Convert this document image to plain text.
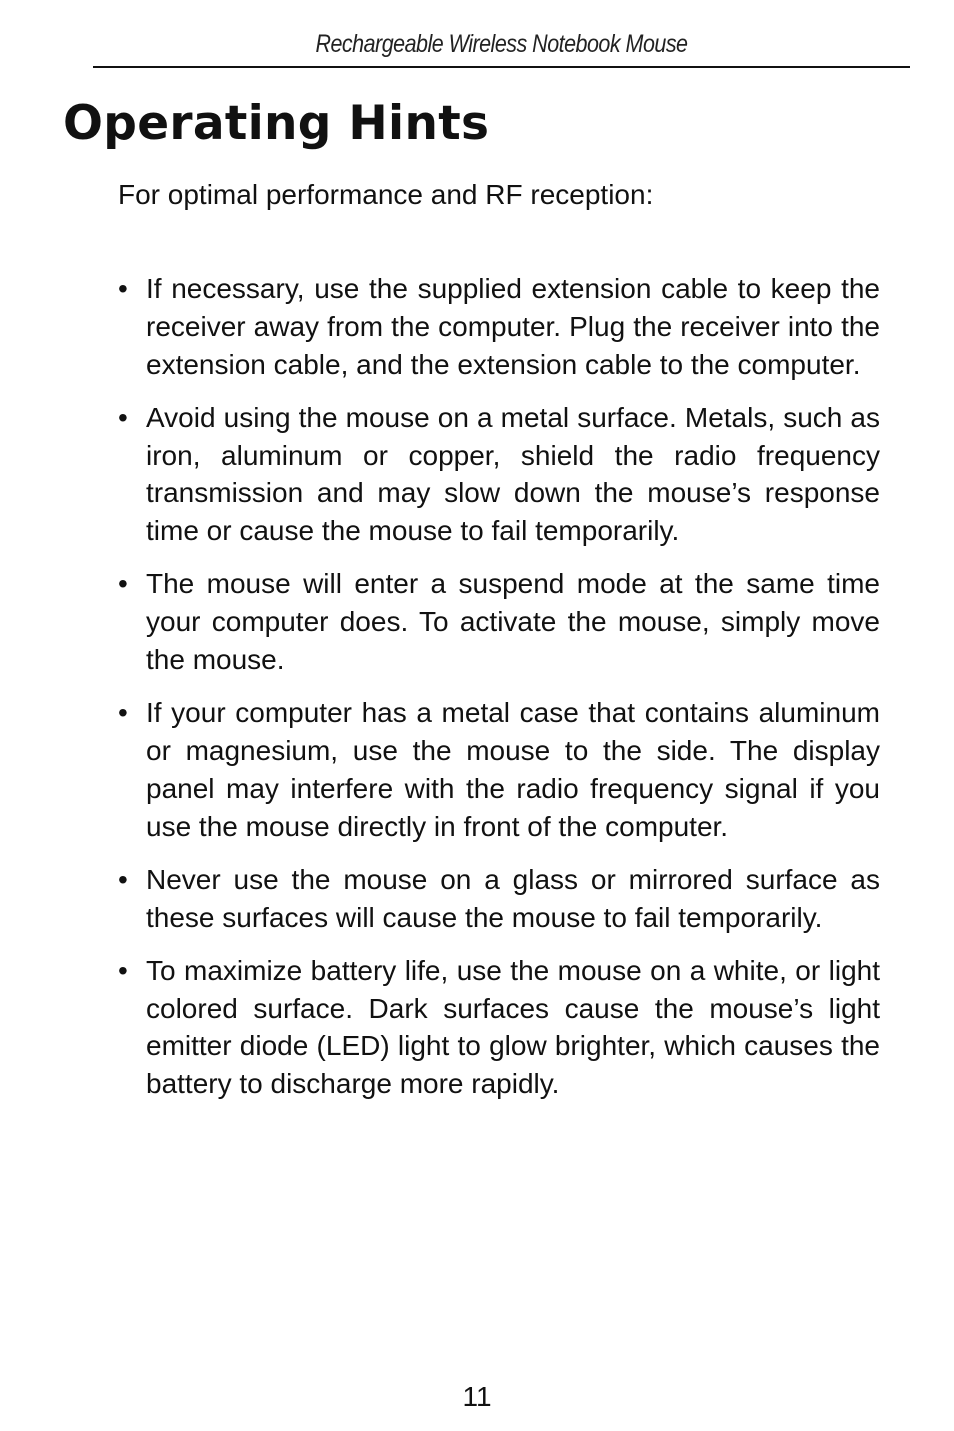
Rechargeable Wireless Notebook Mouse
Operating Hints

For optimal performance and RF reception:

• If necessary, use the supplied extension cable to keep the receiver away from the computer. Plug the receiver into the extension cable, and the extension cable to the computer.
• Avoid using the mouse on a metal surface. Metals, such as iron, aluminum or copper, shield the radio frequency transmission and may slow down the mouse’s response time or cause the mouse to fail temporarily.
• The mouse will enter a suspend mode at the same time your computer does. To activate the mouse, simply move the mouse.
• If your computer has a metal case that contains aluminum or magnesium, use the mouse to the side. The display panel may interfere with the radio frequency signal if you use the mouse directly in front of the computer.
• Never use the mouse on a glass or mirrored surface as these surfaces will cause the mouse to fail temporarily.
• To maximize battery life, use the mouse on a white, or light colored surface. Dark surfaces cause the mouse’s light emitter diode (LED) light to glow brighter, which causes the battery to discharge more rapidly.
11
